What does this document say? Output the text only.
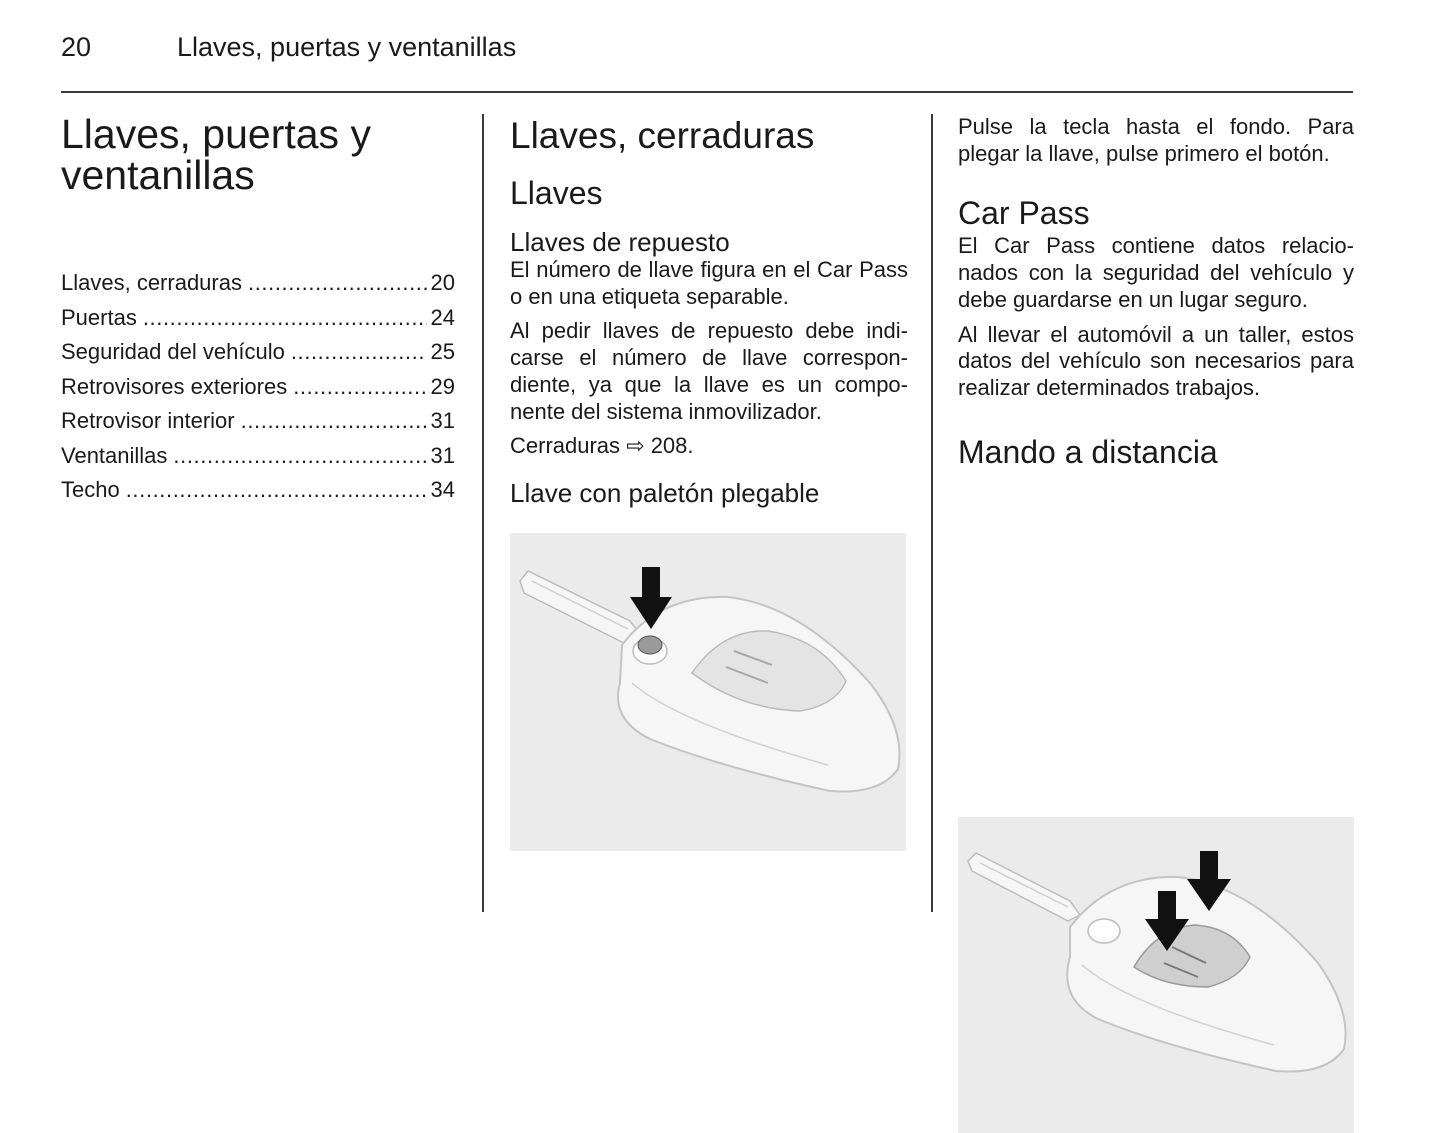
20	Llaves, puertas y ventanillas
Llaves, puertas y
ventanillas
Llaves, cerraduras .....	20
Puertas .....	24
Seguridad del vehículo .....	25
Retrovisores exteriores .....	29
Retrovisor interior .....	31
Ventanillas .....	31
Techo .....	34
Llaves, cerraduras
Llaves
Llaves de repuesto

El número de llave figura en el Car Pass o en una etiqueta separable.

Al pedir llaves de repuesto debe indi-carse el número de llave correspon-diente, ya que la llave es un compo-nente del sistema inmovilizador.

Cerraduras ⇨ 208.

Llave con paletón plegable

Pulse la tecla hasta el fondo. Para plegar la llave, pulse primero el botón.

Car Pass

El Car Pass contiene datos relacio-nados con la seguridad del vehículo y debe guardarse en un lugar seguro.

Al llevar el automóvil a un taller, estos datos del vehículo son necesarios para realizar determinados trabajos.

Mando a distancia
